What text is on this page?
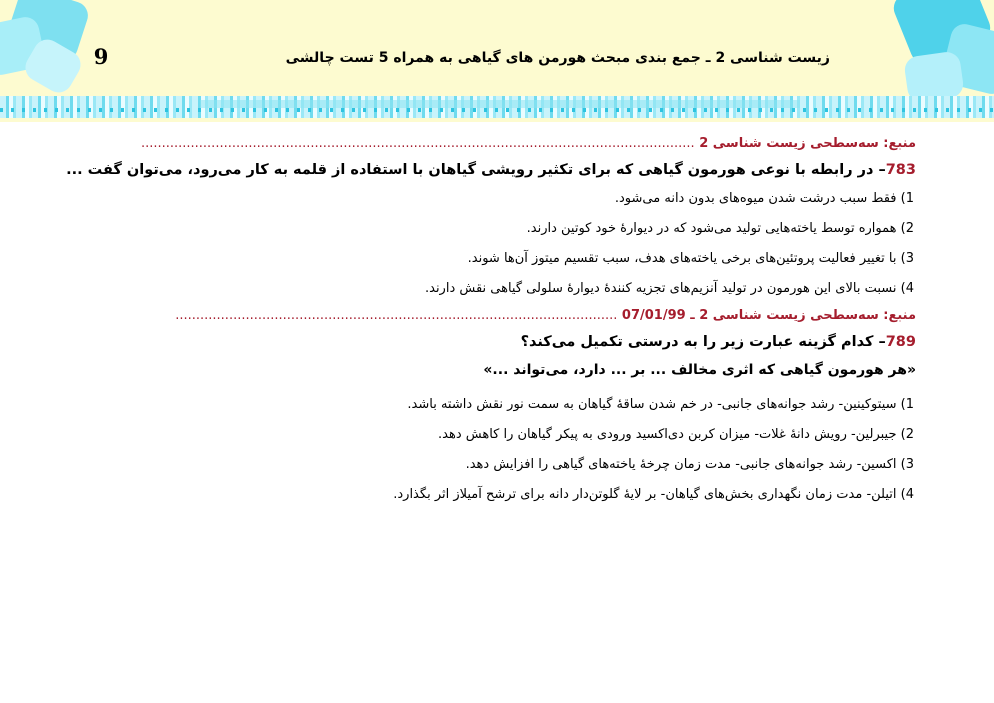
9	زیست شناسی 2 ـ جمع بندی مبحث هورمن های گیاهی به همراه 5 تست چالشی
منبع: سه‌سطحی زیست شناسی 2 ......................................................................................................................................
783– در رابطه با نوعی هورمون گیاهی که برای تکثیر رویشی گیاهان با استفاده از قلمه به کار می‌رود، می‌توان گفت ...
1) فقط سبب درشت شدن میوه‌های بدون دانه می‌شود.
2) همواره توسط یاخته‌هایی تولید می‌شود که در دیوارۀ خود کوتین دارند.
3) با تغییر فعالیت پروتئین‌های برخی یاخته‌های هدف، سبب تقسیم میتوز آن‌ها شوند.
4) نسبت بالای این هورمون در تولید آنزیم‌های تجزیه کنندۀ دیوارۀ سلولی گیاهی نقش دارند.
منبع: سه‌سطحی زیست شناسی 2 ـ 07/01/99 ...........................................................................................................
789– کدام گزینه عبارت زیر را به درستی تکمیل می‌کند؟
«هر هورمون گیاهی که اثری مخالف ... بر ... دارد، می‌تواند ...»
1) سیتوکینین- رشد جوانه‌های جانبی- در خم شدن ساقۀ گیاهان به سمت نور نقش داشته باشد.
2) جیبرلین- رویش دانۀ غلات- میزان کربن دی‌اکسید ورودی به پیکر گیاهان را کاهش دهد.
3) اکسین- رشد جوانه‌های جانبی- مدت زمان چرخۀ یاخته‌های گیاهی را افزایش دهد.
4) اتیلن- مدت زمان نگهداری بخش‌های گیاهان- بر لایۀ گلوتن‌دار دانه برای ترشح آمیلاز اثر بگذارد.
